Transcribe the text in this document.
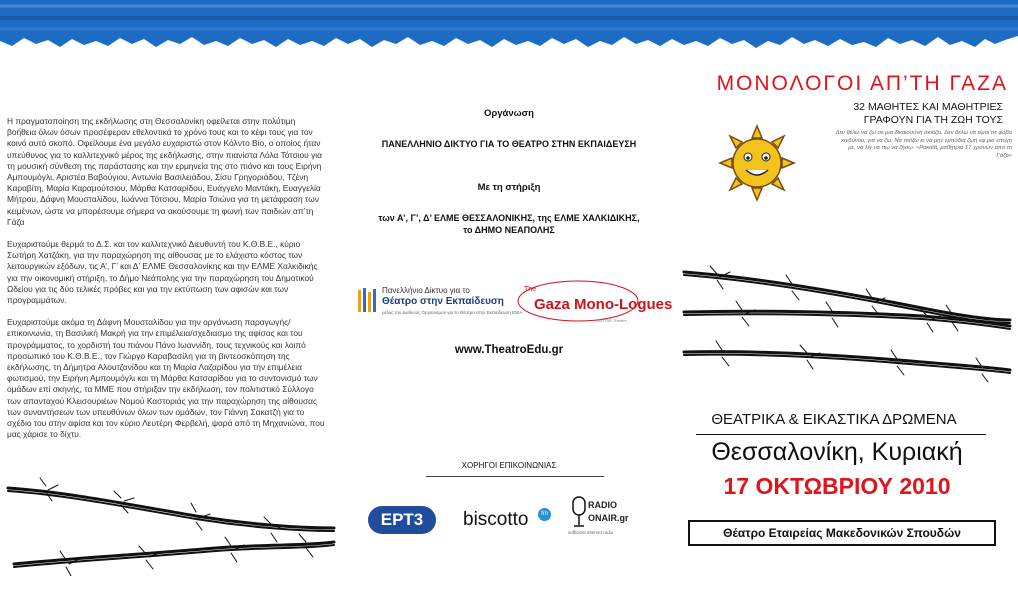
Η πραγματοποίηση της εκδήλωσης στη Θεσσαλονίκη οφείλεται στην πολύτιμη βοήθεια όλων όσων προσέφεραν εθελοντικά το χρόνο τους και το κέφι τους για τον κοινό αυτό σκοπό. Οφείλουμε ένα μεγάλο ευχαριστώ στον Κόλντο Βίο, ο οποίος ήταν υπεύθυνος για το καλλιτεχνικό μέρος της εκδήλωσης, στην πιανίστα Λόλα Τότσιου για τη μουσική σύνθεση της παράστασης και την ερμηνεία της στο πιάνο και τους Ειρήνη Αμπουμόγλι, Αριστέα Βαβούγιου, Αντωνία Βασιλειάδου, Σίσυ Γρηγοριάδου, Τζένη Καραβίτη, Μαρία Καραμούτσιου, Μάρθα Κατσαρίδου, Ευάγγελο Μαντάκη, Ευαγγελία Μήτρου, Δάφνη Μουσταλίδου, Ιωάννα Τότσιου, Μαρία Τσιώνα για τη μετάφραση των κειμένων, ώστε να μπορέσουμε σήμερα να ακούσουμε τη φωνή των παιδιών απ’τη Γάζα

Ευχαριστούμε θερμά το Δ.Σ. και τον καλλιτεχνικό Διευθυντή του Κ.Θ.Β.Ε., κύριο Σωτήρη Χατζάκη, για την παραχώρηση της αίθουσας με το ελάχιστο κόστος των λειτουργικών εξόδων, τις Α’, Γ’ και Δ’ ΕΛΜΕ Θεσσαλονίκης και την ΕΛΜΕ Χαλκιδικής για την οικονομική στήριξη, το Δήμο Νεάπολης για την παραχώρηση του Δημοτικού Ωδείου για τις δύο τελικές πρόβες και για την εκτύπωση των αφισών και των προγραμμάτων.

Ευχαριστούμε ακόμα τη Δάφνη Μουσταλίδου για την οργάνωση παραγωγής/επικοινωνία, τη Βασιλική Μακρή για την επιμέλεια/σχεδιασμο της αφίσας και του προγράμματος, το χορδιστή του πιάνου Πάνο Ιωαννίδη, τους τεχνικούς και λοιπό προσωπικό του Κ.Θ.Β.Ε., τον Γιώργο Καραβασίλη για τη βιντεοσκόπηση της εκδήλωσης, τη Δήμητρα Αλουτζανίδου και τη Μαρία Λαζαρίδου για την επιμέλεια φωτισμού, την Ειρήνη Αμπουμόγλι και τη Μάρθα Κατσαρίδου για το συντονισμό των ομάδων επί σκηνής, τα ΜΜΕ που στήριξαν την εκδήλωση, τον πολιτιστικό Σύλλογο των απανταχού Κλεισουριέων Νομού Καστοριάς για την παραχώρηση της αίθουσας των συναντήσεων των υπευθύνων όλων των ομάδων, τον Γιάννη Σακατζή για το σχέδιο του στην αφίσα και τον κύριο Λευτέρη Φερβελή, ψαρά από τη Μηχανιώνα, που μας χάρισε το δίχτυ.

Οργάνωση
ΠΑΝΕΛΛΗΝΙΟ ΔΙΚΤΥΟ ΓΙΑ ΤΟ ΘΕΑΤΡΟ ΣΤΗΝ ΕΚΠΑΙΔΕΥΣΗ
Με τη στήριξη
των Α’, Γ’, Δ’ ΕΛΜΕ ΘΕΣΣΑΛΟΝΙΚΗΣ, της ΕΛΜΕ ΧΑΛΚΙΔΙΚΗΣ,
το ΔΗΜΟ ΝΕΑΠΟΛΗΣ
Πανελλήνιο Δίκτυο για το
Θέατρο στην Εκπαίδευση
μέλος του Διεθνούς Οργανισμού για το Θέατρο στην Εκπαίδευση IDEA
The
Gaza Mono-Logues
ASHTAR Theatre
www.TheatroEdu.gr
ΧΟΡΗΓΟΙ ΕΠΙΚΟΙΝΩΝΙΑΣ
ΕΡΤ3	biscotto	fm
RADIO
ONAIR.gr
sufficient internet radio
ΜΟΝΟΛΟΓΟΙ ΑΠ’ΤΗ ΓΑΖΑ
32 ΜΑΘΗΤΕΣ ΚΑΙ ΜΑΘΗΤΡΙΕΣ
ΓΡΑΦΟΥΝ ΓΙΑ ΤΗ ΖΩΗ ΤΟΥΣ
Δεν θέλω να ζω σε μια δικαιοσύνη σκιάζει. Δεν θέλω να είμαι σε φόβο κινδύνου, για να ζω. Να παίζω κι να μην εμπόδια ζωή εφ μια εποχή με. να λίγ να πω να ζήσω. «Ρακαϊά, μαθητρια 17 χρονών από τη Γάζα»
ΘΕΑΤΡΙΚΑ & ΕΙΚΑΣΤΙΚΑ ΔΡΩΜΕΝΑ
Θεσσαλονίκη, Κυριακή
17 ΟΚΤΩΒΡΙΟΥ 2010
Θέατρο Εταιρείας Μακεδονικών Σπουδών
